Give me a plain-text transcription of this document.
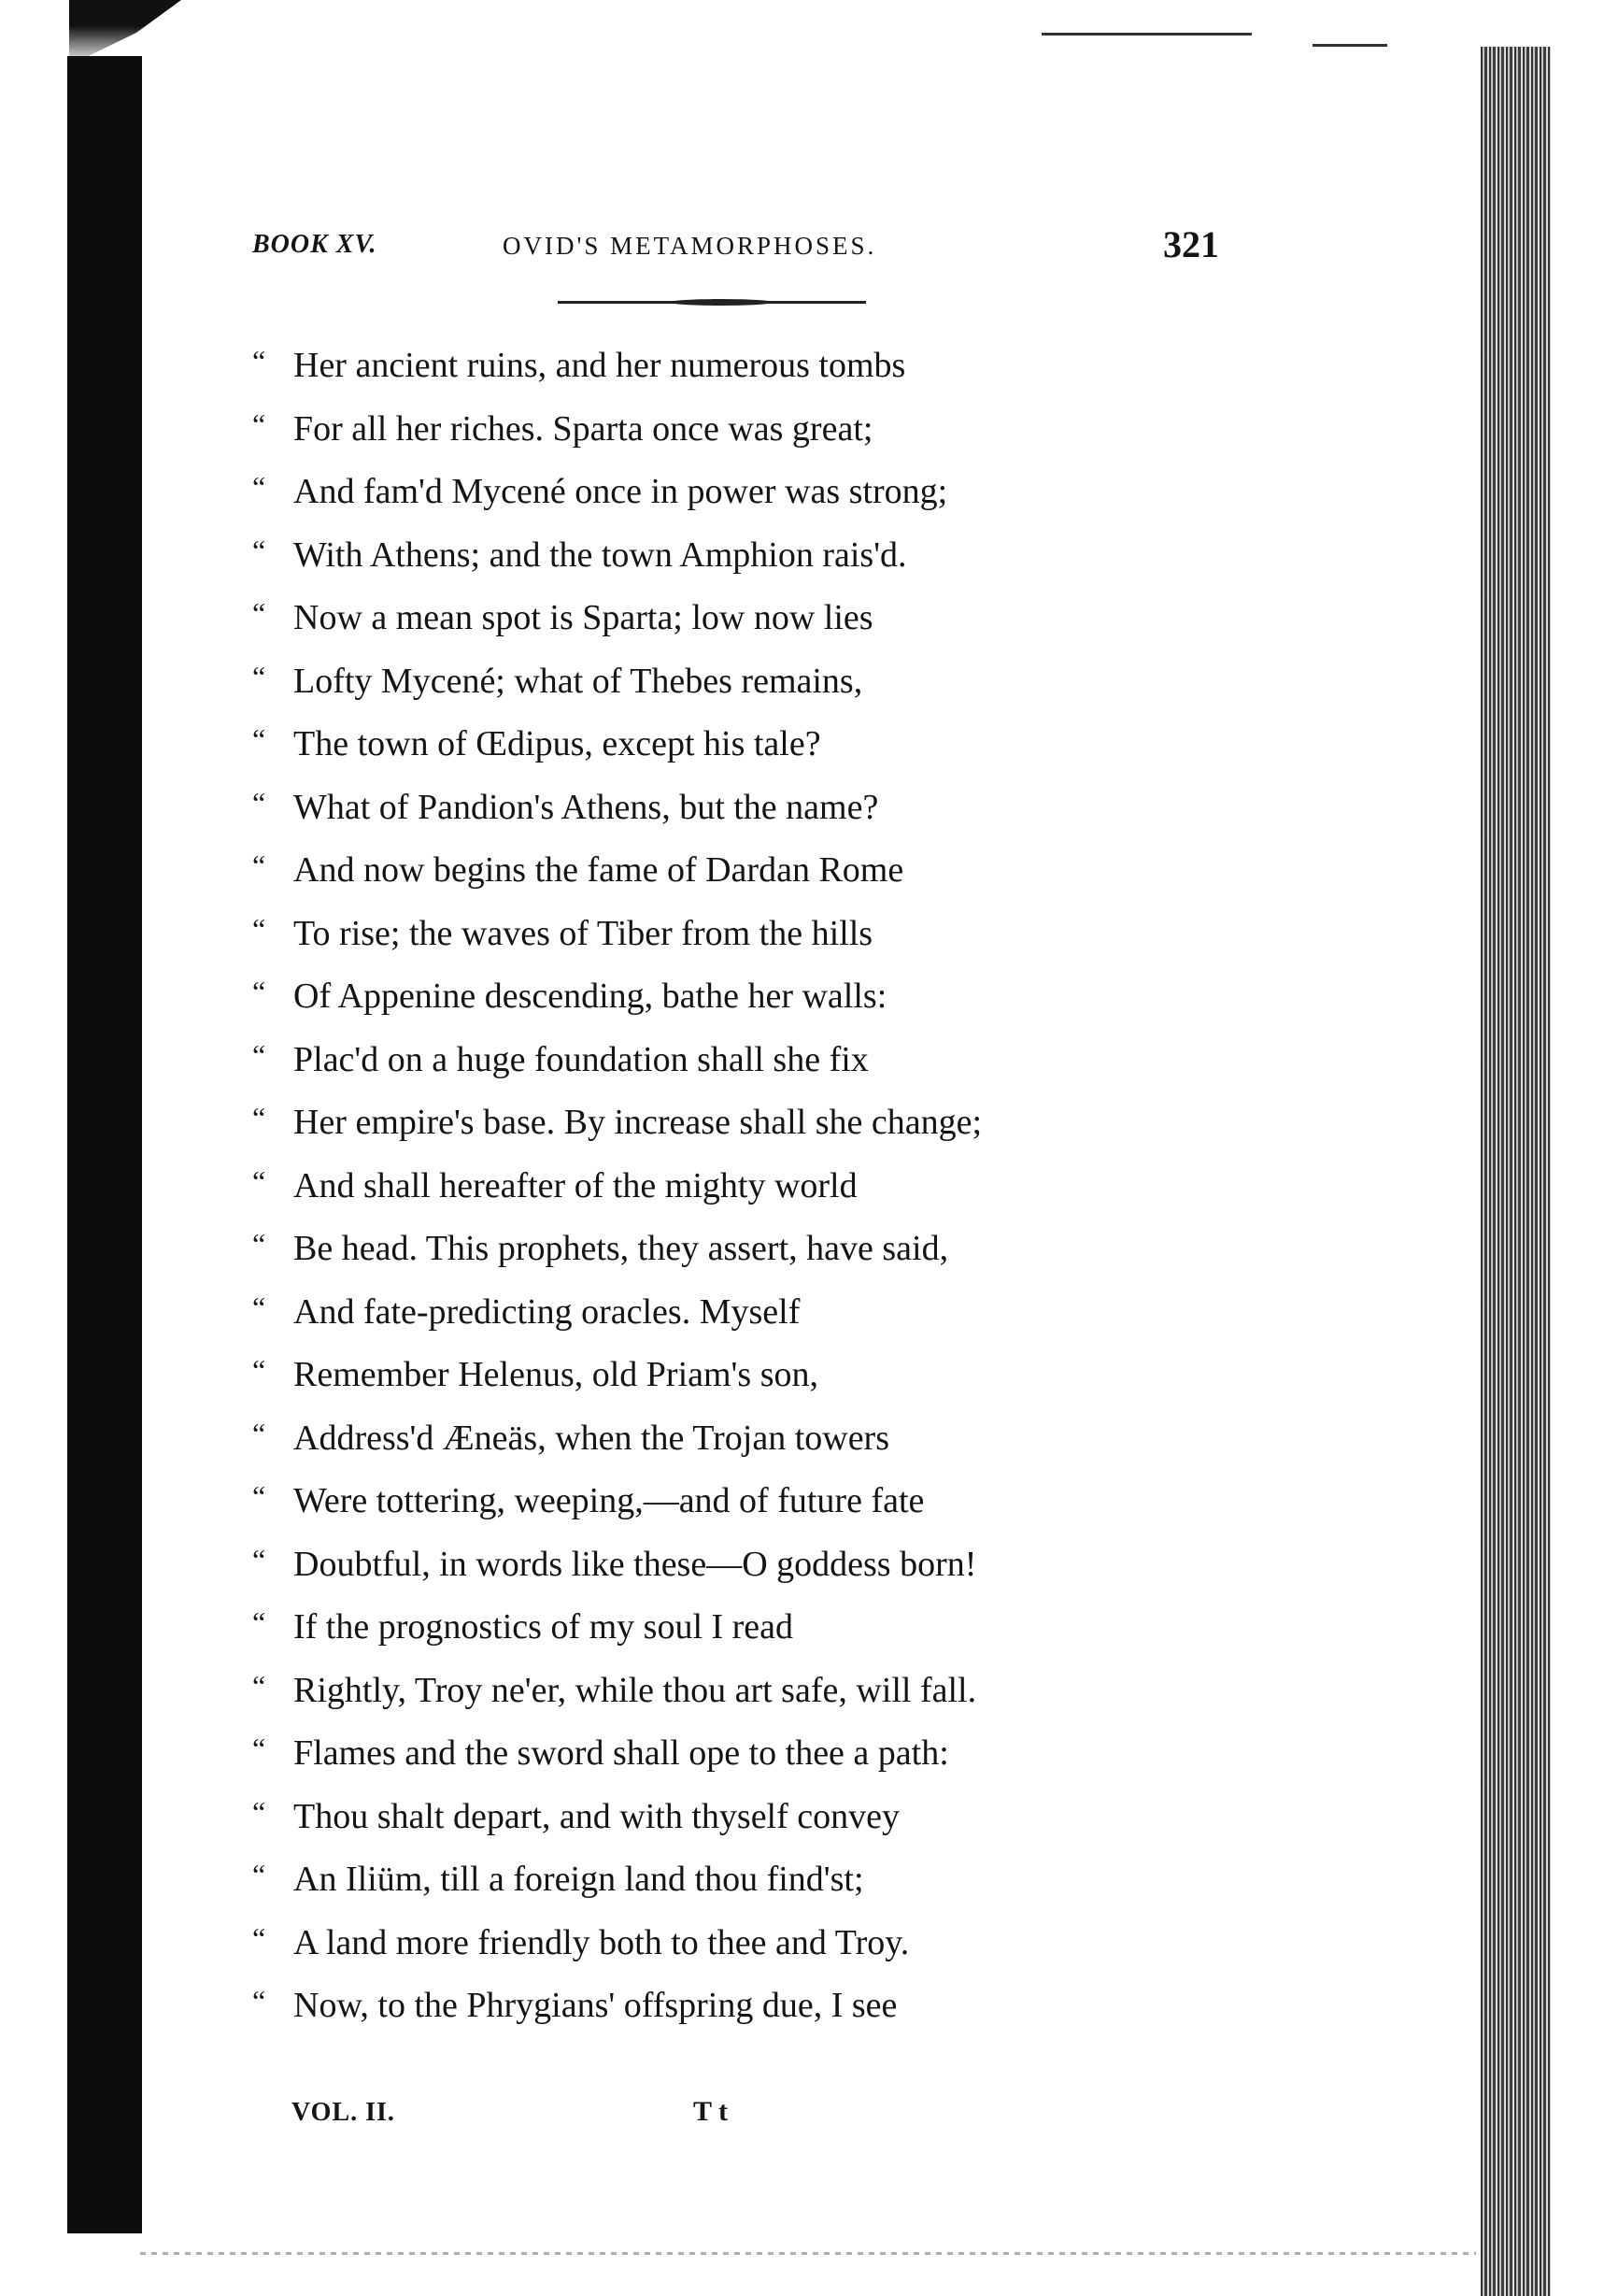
BOOK XV.	OVID'S METAMORPHOSES.	321
“ Her ancient ruins, and her numerous tombs
“ For all her riches. Sparta once was great;
“ And fam'd Mycené once in power was strong;
“ With Athens; and the town Amphion rais'd.
“ Now a mean spot is Sparta; low now lies
“ Lofty Mycené; what of Thebes remains,
“ The town of Œdipus, except his tale?
“ What of Pandion's Athens, but the name?
“ And now begins the fame of Dardan Rome
“ To rise; the waves of Tiber from the hills
“ Of Appenine descending, bathe her walls:
“ Plac'd on a huge foundation shall she fix
“ Her empire's base. By increase shall she change;
“ And shall hereafter of the mighty world
“ Be head. This prophets, they assert, have said,
“ And fate-predicting oracles. Myself
“ Remember Helenus, old Priam's son,
“ Address'd Æneäs, when the Trojan towers
“ Were tottering, weeping,—and of future fate
“ Doubtful, in words like these—O goddess born!
“ If the prognostics of my soul I read
“ Rightly, Troy ne'er, while thou art safe, will fall.
“ Flames and the sword shall ope to thee a path:
“ Thou shalt depart, and with thyself convey
“ An Iliüm, till a foreign land thou find'st;
“ A land more friendly both to thee and Troy.
“ Now, to the Phrygians' offspring due, I see
VOL. II.	T t
